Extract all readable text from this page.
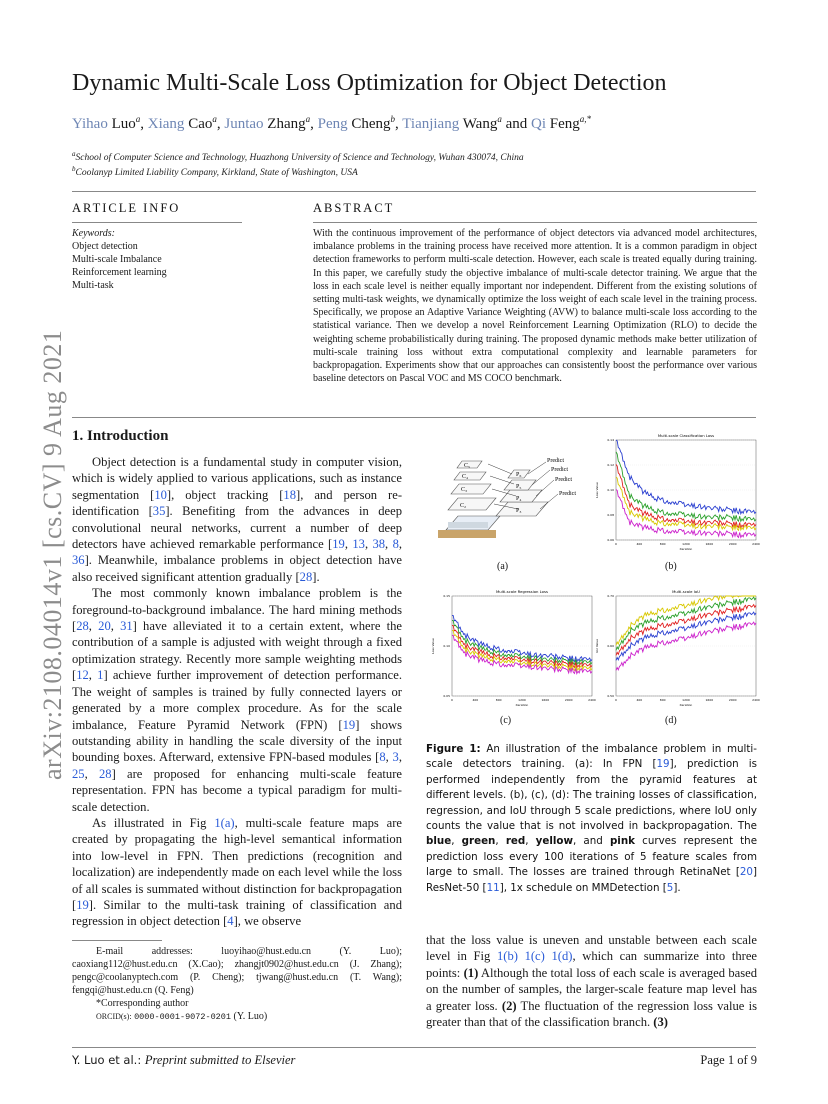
arXiv:2108.04014v1 [cs.CV] 9 Aug 2021
Dynamic Multi-Scale Loss Optimization for Object Detection
Yihao Luo$^a$, Xiang Cao$^a$, Juntao Zhang$^a$, Peng Cheng$^b$, Tianjiang Wang$^a$ and Qi Feng$^{a,*}$
$^a$School of Computer Science and Technology, Huazhong University of Science and Technology, Wuhan 430074, China
$^b$Coolanyp Limited Liability Company, Kirkland, State of Washington, USA
ARTICLE INFO
Keywords:
Object detection
Multi-scale Imbalance
Reinforcement learning
Multi-task
ABSTRACT
With the continuous improvement of the performance of object detectors via advanced model architectures, imbalance problems in the training process have received more attention. It is a common paradigm in object detection frameworks to perform multi-scale detection. However, each scale is treated equally during training. In this paper, we carefully study the objective imbalance of multi-scale detector training. We argue that the loss in each scale level is neither equally important nor independent. Different from the existing solutions of setting multi-task weights, we dynamically optimize the loss weight of each scale level in the training process. Specifically, we propose an Adaptive Variance Weighting (AVW) to balance multi-scale loss according to the statistical variance. Then we develop a novel Reinforcement Learning Optimization (RLO) to decide the weighting scheme probabilistically during training. The proposed dynamic methods make better utilization of multi-scale training loss without extra computational complexity and learnable parameters for backpropagation. Experiments show that our approaches can consistently boost the performance over various baseline detectors on Pascal VOC and MS COCO benchmark.
1. Introduction

Object detection is a fundamental study in computer vision, which is widely applied to various applications, such as instance segmentation [10], object tracking [18], and person re-identification [35]. Benefiting from the advances in deep convolutional neural networks, current a number of deep detectors have achieved remarkable performance [19, 13, 38, 8, 36]. Meanwhile, imbalance problems in object detection have also received significant attention gradually [28].

The most commonly known imbalance problem is the foreground-to-background imbalance. The hard mining methods [28, 20, 31] have alleviated it to a certain extent, where the contribution of a sample is adjusted with weight through a fixed optimization strategy. Recently more sample weighting methods [12, 1] achieve further improvement of detection performance. The weight of samples is trained by fully connected layers or generated by a more complex procedure. As for the scale imbalance, Feature Pyramid Network (FPN) [19] shows outstanding ability in handling the scale diversity of the input bounding boxes. Afterward, extensive FPN-based modules [8, 3, 25, 28] are proposed for enhancing multi-scale feature representation. FPN has become a typical paradigm for multi-scale detection.

As illustrated in Fig 1(a), multi-scale feature maps are created by propagating the high-level semantical information into low-level in FPN. Then predictions (recognition and localization) are independently made on each level while the loss of all scales is summated without distinction for backpropagation [19]. Similar to the multi-task training of classification and regression in object detection [4], we observe

E-mail addresses: luoyihao@hust.edu.cn (Y. Luo); caoxiang112@hust.edu.cn (X.Cao); zhangjt0902@hust.edu.cn (J. Zhang); pengc@coolanyptech.com (P. Cheng); tjwang@hust.edu.cn (T. Wang); fengqi@hust.edu.cn (Q. Feng)
*Corresponding author
ORCID(s): 0000-0001-9072-0201 (Y. Luo)
C₅
C₄
C₃
C₂
P₆
P₅
P₄
P₃
Predict
Predict
Predict
Predict
(a)
Multi-scale Classification Loss
Loss Value
iteration
0	400	800	1200	1600	2000	2400
0.06
0.08
0.10
0.12
0.14
(b)
Multi-scale Regression Loss
Loss Value
iteration
0	400	800	1200	1600	2000	2400
0.05
0.10
0.15
(c)
Multi-scale IoU
IoU Value
iteration
0	400	800	1200	1600	2000	2400
0.50
0.60
0.70
(d)
Figure 1: An illustration of the imbalance problem in multi-scale detectors training. (a): In FPN [19], prediction is performed independently from the pyramid features at different levels. (b), (c), (d): The training losses of classification, regression, and IoU through 5 scale predictions, where IoU only counts the value that is not involved in backpropagation. The blue, green, red, yellow, and pink curves represent the prediction loss every 100 iterations of 5 feature scales from large to small. The losses are trained through RetinaNet [20] ResNet-50 [11], 1x schedule on MMDetection [5].

that the loss value is uneven and unstable between each scale level in Fig 1(b) 1(c) 1(d), which can summarize into three points: (1) Although the total loss of each scale is averaged based on the number of samples, the larger-scale feature map level has a greater loss. (2) The fluctuation of the regression loss value is greater than that of the classification branch. (3)

Y. Luo et al.: Preprint submitted to Elsevier	Page 1 of 9
